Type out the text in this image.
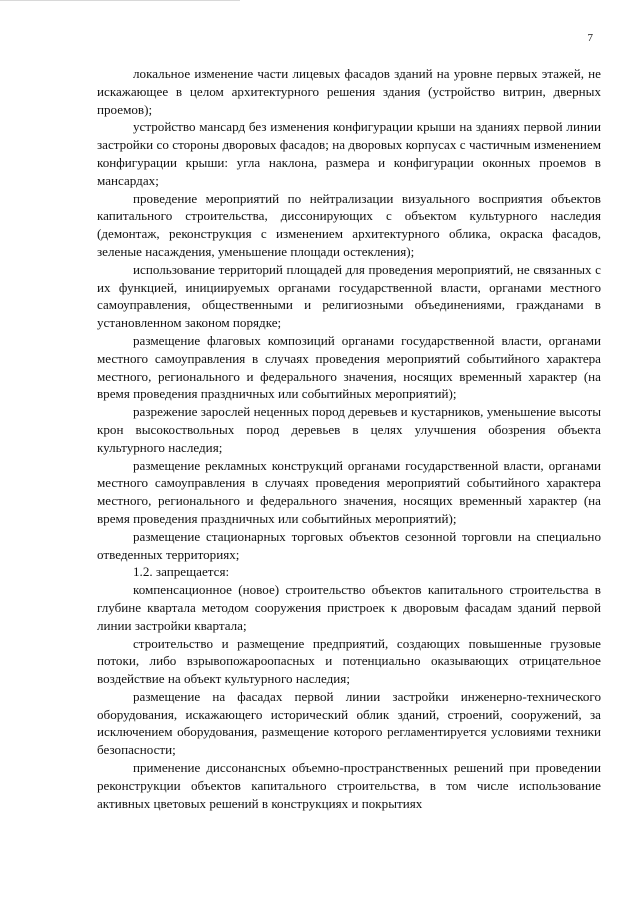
7

локальное изменение части лицевых фасадов зданий на уровне первых этажей, не искажающее в целом архитектурного решения здания (устройство витрин, дверных проемов);

устройство мансард без изменения конфигурации крыши на зданиях первой линии застройки со стороны дворовых фасадов; на дворовых корпусах с частичным изменением конфигурации крыши: угла наклона, размера и конфигурации оконных проемов в мансардах;

проведение мероприятий по нейтрализации визуального восприятия объектов капитального строительства, диссонирующих с объектом культурного наследия (демонтаж, реконструкция с изменением архитектурного облика, окраска фасадов, зеленые насаждения, уменьшение площади остекления);

использование территорий площадей для проведения мероприятий, не связанных с их функцией, инициируемых органами государственной власти, органами местного самоуправления, общественными и религиозными объединениями, гражданами в установленном законом порядке;

размещение флаговых композиций органами государственной власти, органами местного самоуправления в случаях проведения мероприятий событийного характера местного, регионального и федерального значения, носящих временный характер (на время проведения праздничных или событийных мероприятий);

разрежение зарослей неценных пород деревьев и кустарников, уменьшение высоты крон высокоствольных пород деревьев в целях улучшения обозрения объекта культурного наследия;

размещение рекламных конструкций органами государственной власти, органами местного самоуправления в случаях проведения мероприятий событийного характера местного, регионального и федерального значения, носящих временный характер (на время проведения праздничных или событийных мероприятий);

размещение стационарных торговых объектов сезонной торговли на специально отведенных территориях;

1.2. запрещается:

компенсационное (новое) строительство объектов капитального строительства в глубине квартала методом сооружения пристроек к дворовым фасадам зданий первой линии застройки квартала;

строительство и размещение предприятий, создающих повышенные грузовые потоки, либо взрывопожароопасных и потенциально оказывающих отрицательное воздействие на объект культурного наследия;

размещение на фасадах первой линии застройки инженерно-технического оборудования, искажающего исторический облик зданий, строений, сооружений, за исключением оборудования, размещение которого регламентируется условиями техники безопасности;

применение диссонансных объемно-пространственных решений при проведении реконструкции объектов капитального строительства, в том числе использование активных цветовых решений в конструкциях и покрытиях
